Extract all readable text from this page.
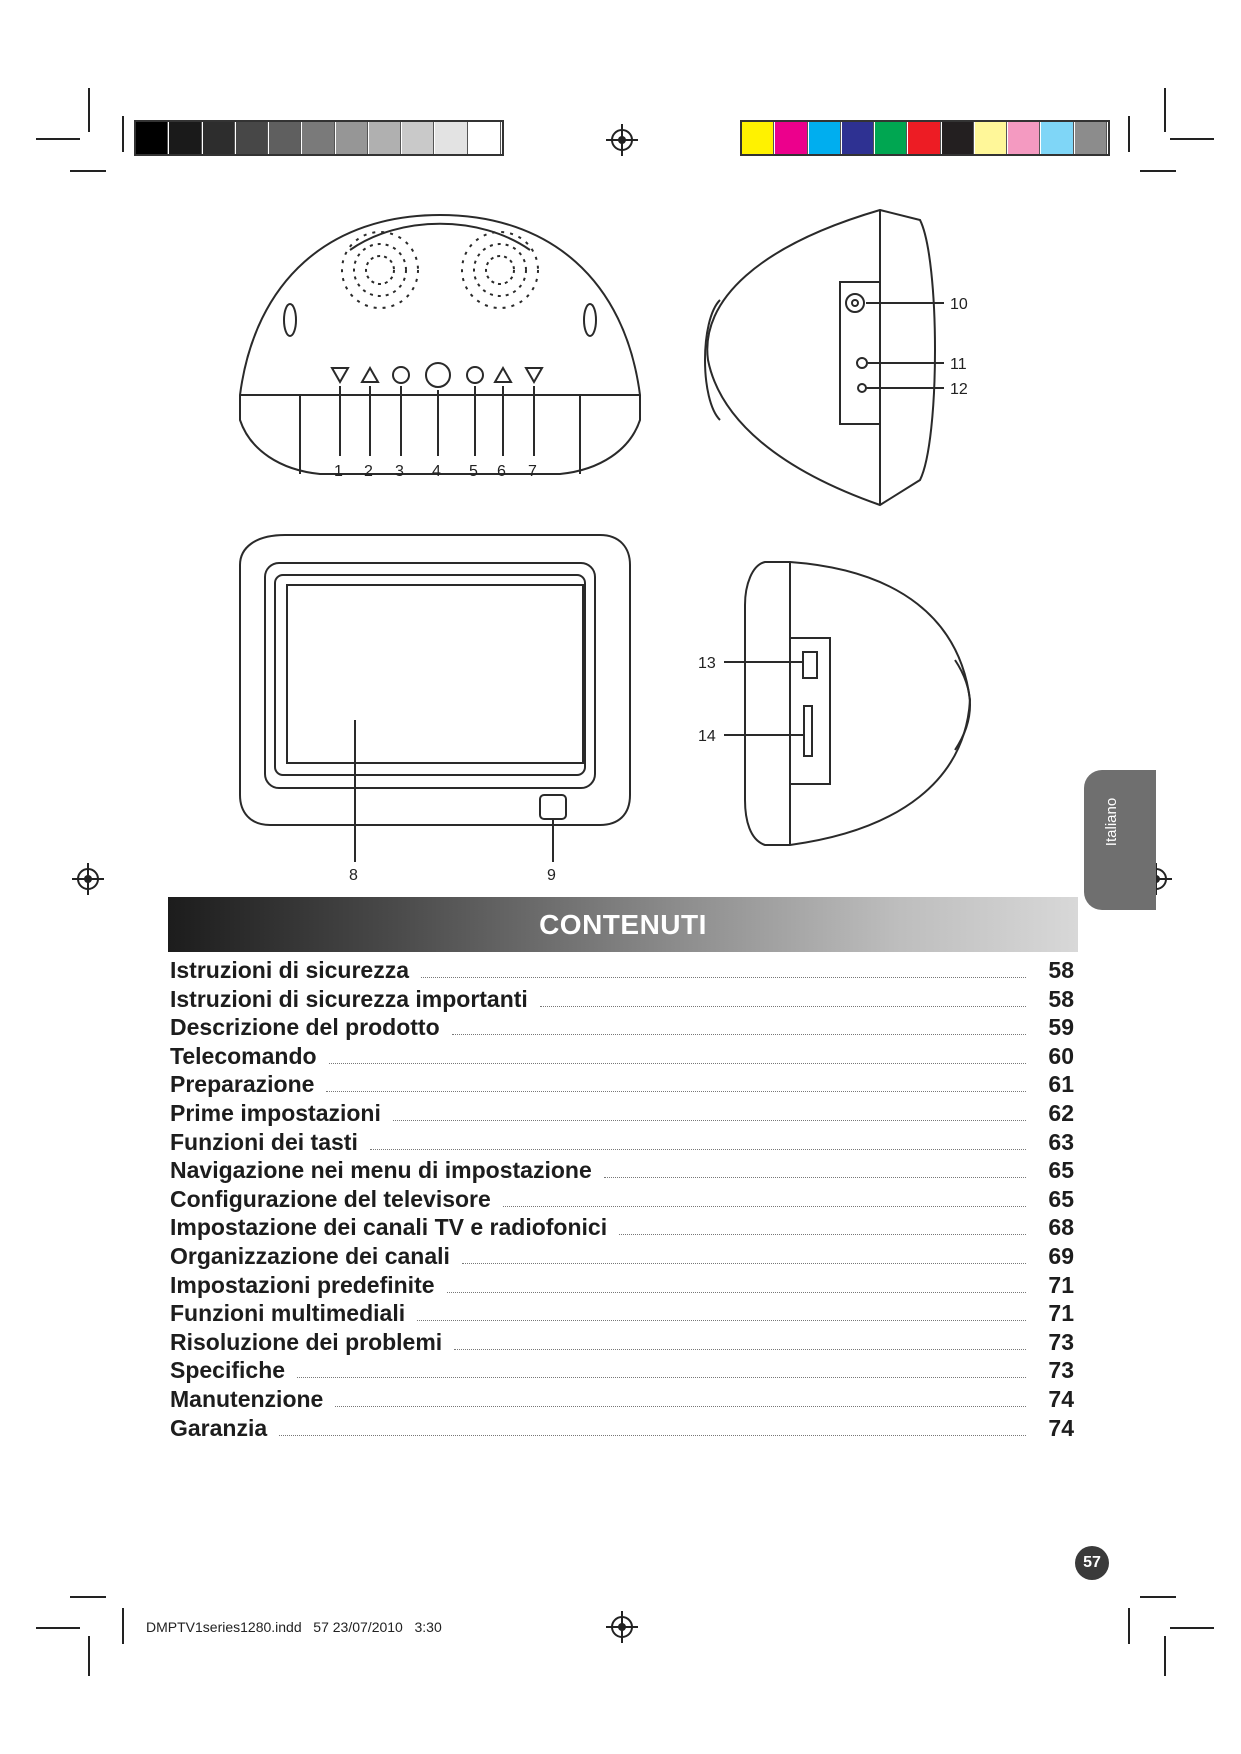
1 2 3 4 5 6 7
8	9
10
11
12
13
14
Italiano
CONTENUTI
Istruzioni di sicurezza	58
Istruzioni di sicurezza importanti	58
Descrizione del prodotto	59
Telecomando	60
Preparazione	61
Prime impostazioni	62
Funzioni dei tasti	63
Navigazione nei menu di impostazione	65
Configurazione del televisore	65
Impostazione dei canali TV e radiofonici	68
Organizzazione dei canali	69
Impostazioni predefinite	71
Funzioni multimediali	71
Risoluzione dei problemi	73
Specifiche	73
Manutenzione	74
Garanzia	74
57
DMPTV1series1280.indd   57 23/07/2010   3:30
